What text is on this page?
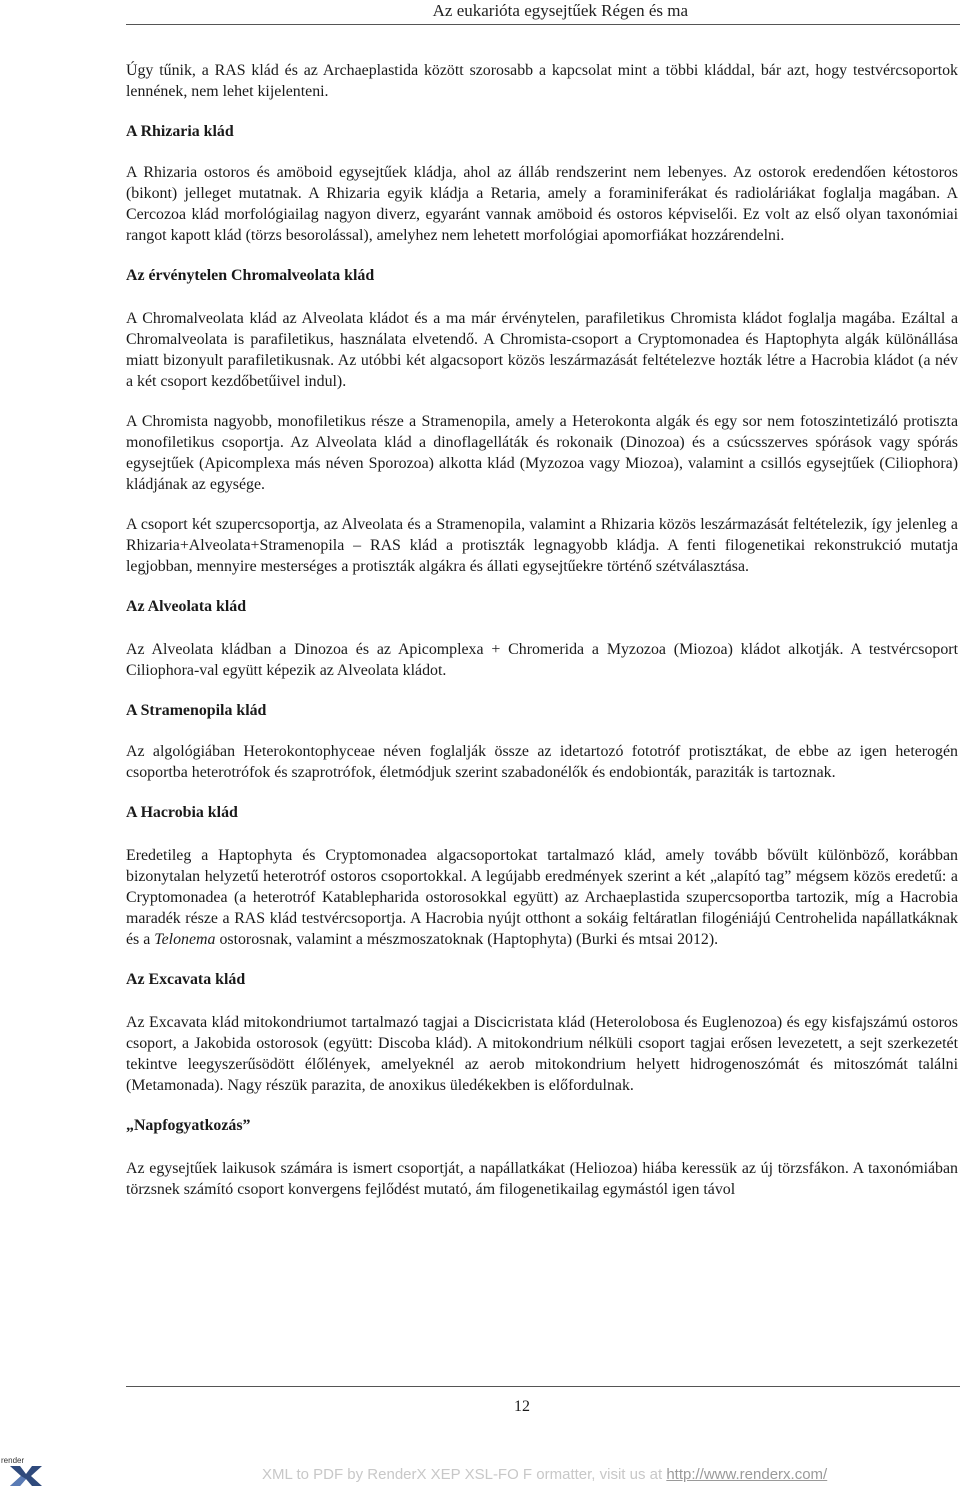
Az eukarióta egysejtűek Régen és ma

Úgy tűnik, a RAS klád és az Archaeplastida között szorosabb a kapcsolat mint a többi kláddal, bár azt, hogy testvércsoportok lennének, nem lehet kijelenteni.

A Rhizaria klád

A Rhizaria ostoros és amöboid egysejtűek kládja, ahol az álláb rendszerint nem lebenyes. Az ostorok eredendően kétostoros (bikont) jelleget mutatnak. A Rhizaria egyik kládja a Retaria, amely a foraminiferákat és radioláriákat foglalja magában. A Cercozoa klád morfológiailag nagyon diverz, egyaránt vannak amöboid és ostoros képviselői. Ez volt az első olyan taxonómiai rangot kapott klád (törzs besorolással), amelyhez nem lehetett morfológiai apomorfiákat hozzárendelni.

Az érvénytelen Chromalveolata klád

A Chromalveolata klád az Alveolata kládot és a ma már érvénytelen, parafiletikus Chromista kládot foglalja magába. Ezáltal a Chromalveolata is parafiletikus, használata elvetendő. A Chromista-csoport a Cryptomonadea és Haptophyta algák különállása miatt bizonyult parafiletikusnak. Az utóbbi két algacsoport közös leszármazását feltételezve hozták létre a Hacrobia kládot (a név a két csoport kezdőbetűivel indul).

A Chromista nagyobb, monofiletikus része a Stramenopila, amely a Heterokonta algák és egy sor nem fotoszintetizáló protiszta monofiletikus csoportja. Az Alveolata klád a dinoflagelláták és rokonaik (Dinozoa) és a csúcsszerves spórások vagy spórás egysejtűek (Apicomplexa más néven Sporozoa) alkotta klád (Myzozoa vagy Miozoa), valamint a csillós egysejtűek (Ciliophora) kládjának az egysége.

A csoport két szupercsoportja, az Alveolata és a Stramenopila, valamint a Rhizaria közös leszármazását feltételezik, így jelenleg a Rhizaria+Alveolata+Stramenopila – RAS klád a protiszták legnagyobb kládja. A fenti filogenetikai rekonstrukció mutatja legjobban, mennyire mesterséges a protiszták algákra és állati egysejtűekre történő szétválasztása.

Az Alveolata klád

Az Alveolata kládban a Dinozoa és az Apicomplexa + Chromerida a Myzozoa (Miozoa) kládot alkotják. A testvércsoport Ciliophora-val együtt képezik az Alveolata kládot.

A Stramenopila klád

Az algológiában Heterokontophyceae néven foglalják össze az idetartozó fototróf protisztákat, de ebbe az igen heterogén csoportba heterotrófok és szaprotrófok, életmódjuk szerint szabadonélők és endobionták, paraziták is tartoznak.

A Hacrobia klád

Eredetileg a Haptophyta és Cryptomonadea algacsoportokat tartalmazó klád, amely tovább bővült különböző, korábban bizonytalan helyzetű heterotróf ostoros csoportokkal. A legújabb eredmények szerint a két „alapító tag” mégsem közös eredetű: a Cryptomonadea (a heterotróf Katablepharida ostorosokkal együtt) az Archaeplastida szupercsoportba tartozik, míg a Hacrobia maradék része a RAS klád testvércsoportja. A Hacrobia nyújt otthont a sokáig feltáratlan filogéniájú Centrohelida napállatkáknak és a Telonema ostorosnak, valamint a mészmoszatoknak (Haptophyta) (Burki és mtsai 2012).

Az Excavata klád

Az Excavata klád mitokondriumot tartalmazó tagjai a Discicristata klád (Heterolobosa és Euglenozoa) és egy kisfajszámú ostoros csoport, a Jakobida ostorosok (együtt: Discoba klád). A mitokondrium nélküli csoport tagjai erősen levezetett, a sejt szerkezetét tekintve leegyszerűsödött élőlények, amelyeknél az aerob mitokondrium helyett hidrogenoszómát és mitoszómát találni (Metamonada). Nagy részük parazita, de anoxikus üledékekben is előfordulnak.

„Napfogyatkozás”

Az egysejtűek laikusok számára is ismert csoportját, a napállatkákat (Heliozoa) hiába keressük az új törzsfákon. A taxonómiában törzsnek számító csoport konvergens fejlődést mutató, ám filogenetikailag egymástól igen távol

12
render
XML to PDF by RenderX XEP XSL-FO F ormatter, visit us at http://www.renderx.com/
